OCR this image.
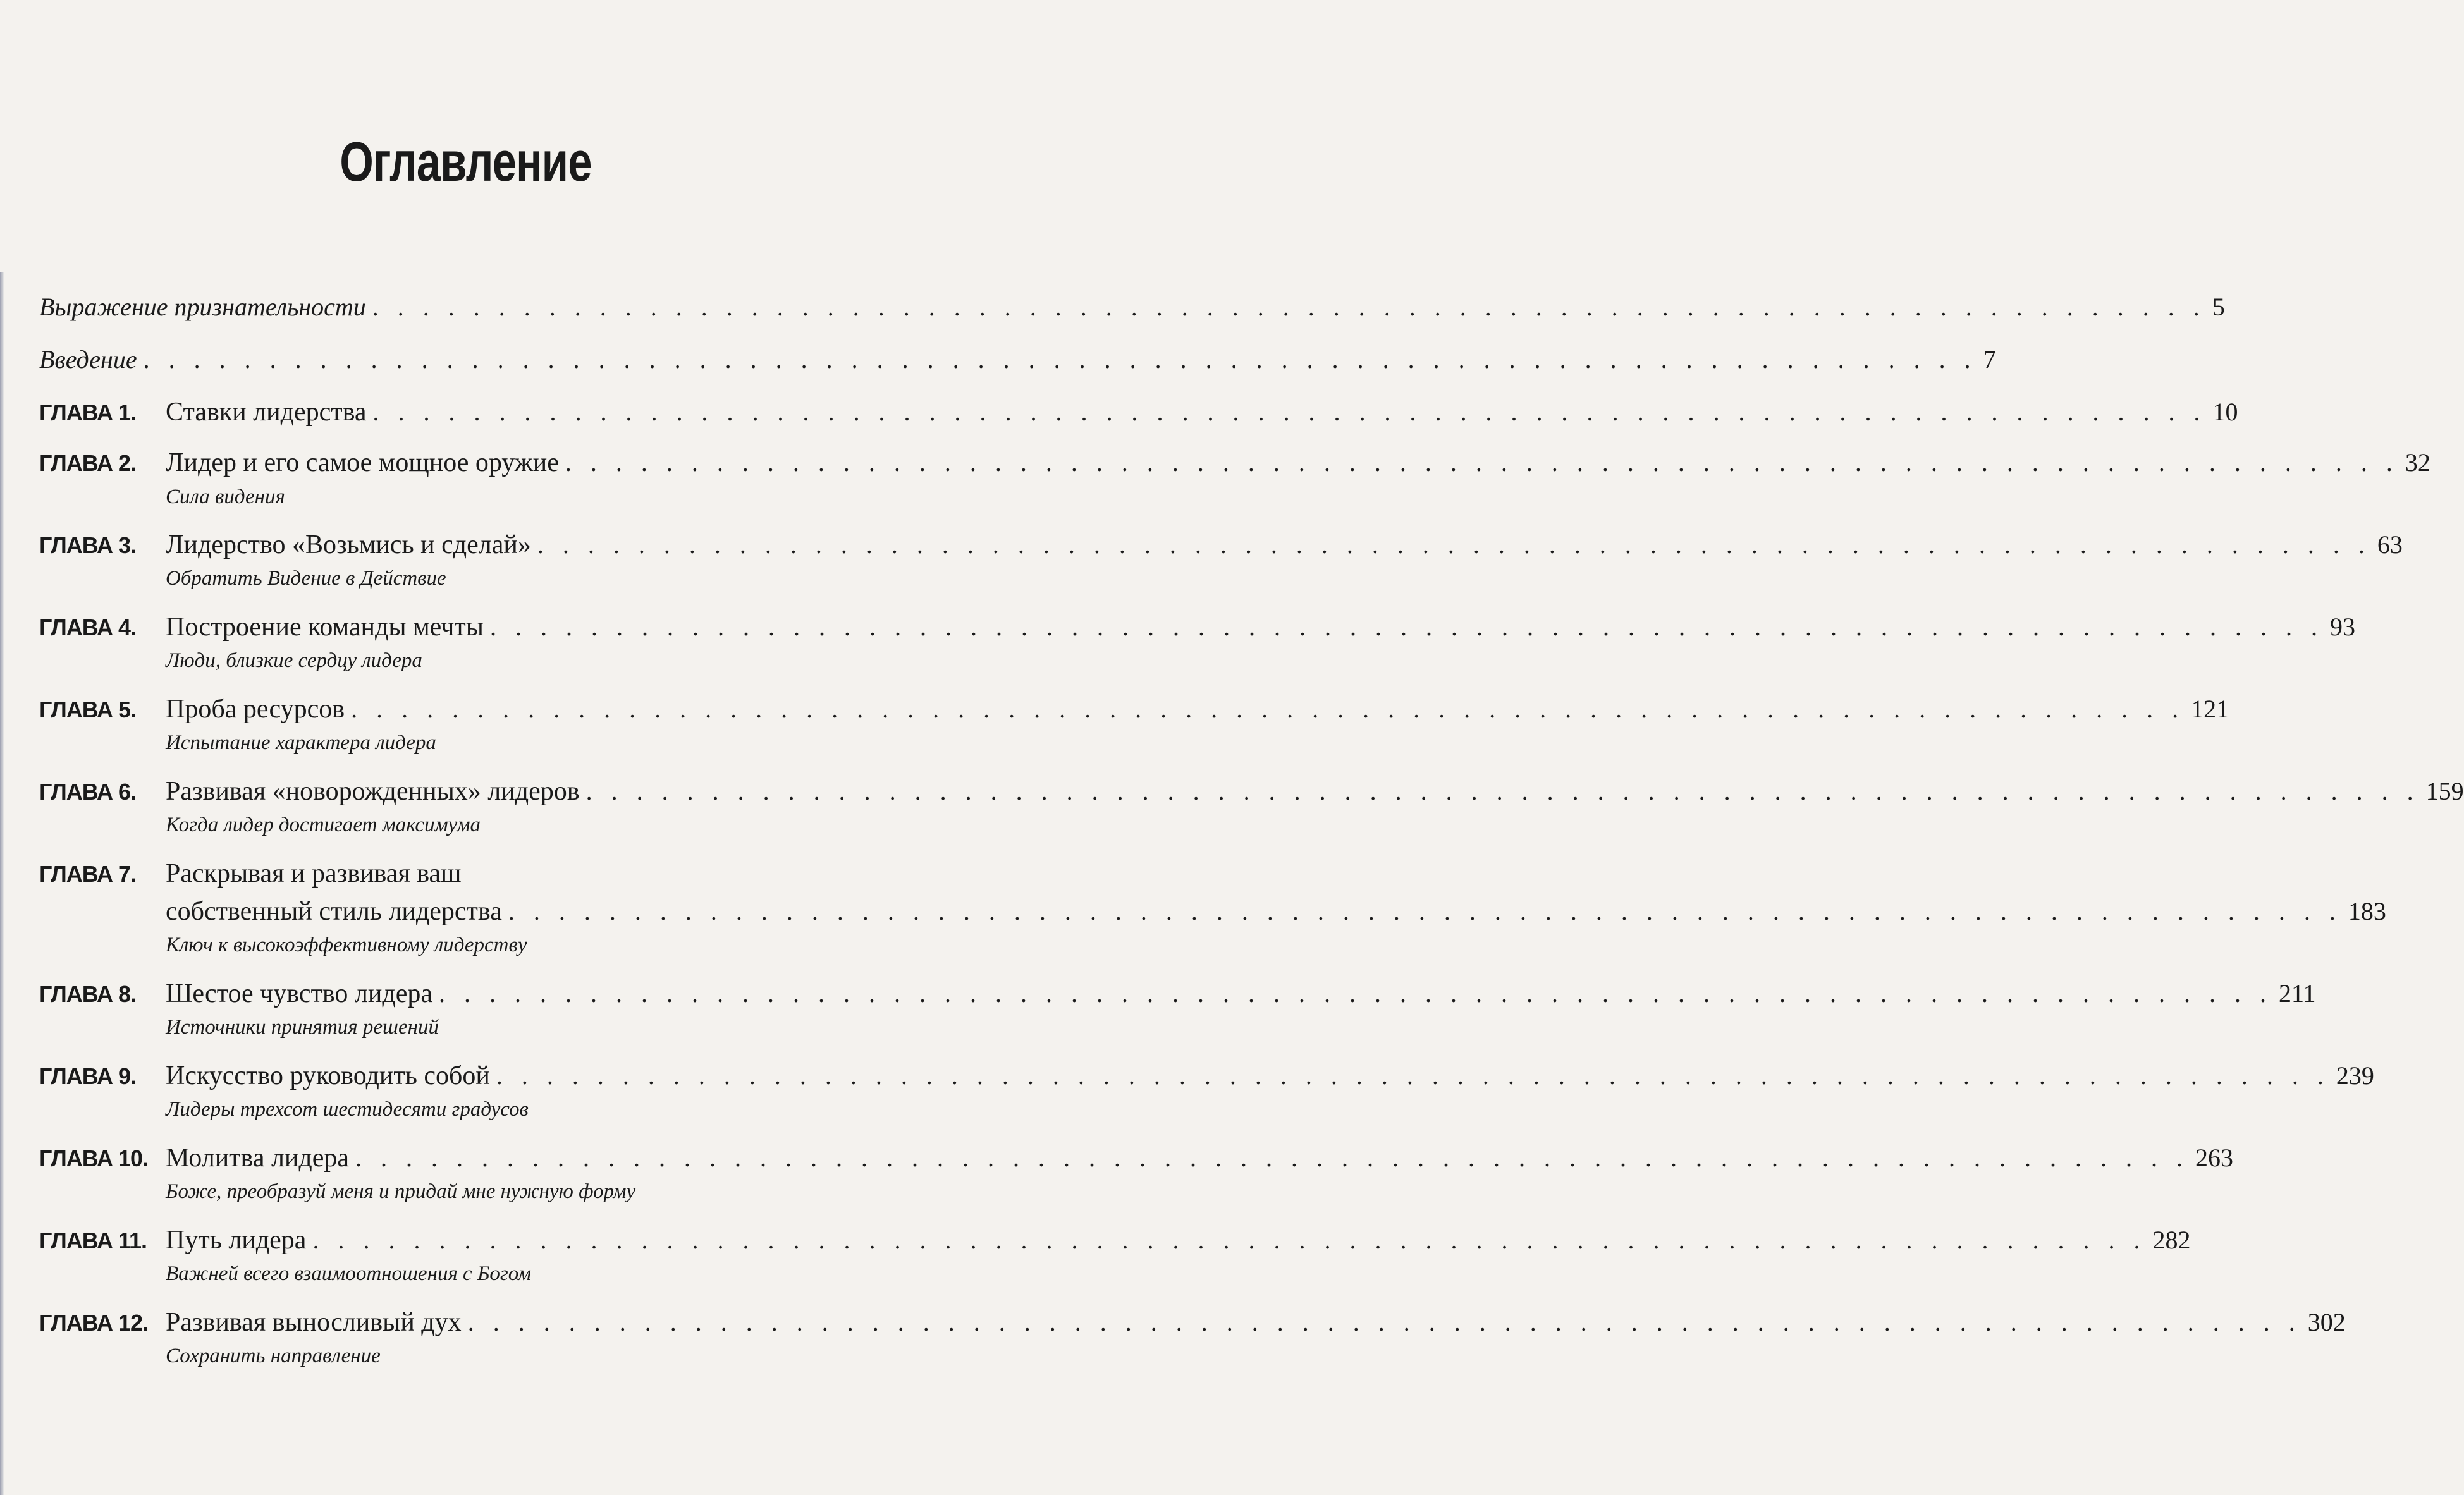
Оглавление
Выражение признательности . . . . . . . . . . . . . . . . . . . . . . . . . . . . . . . . . . . . . . . . . . . . . . . . . . . . . . . . . . . . . . . . . . . . . . . . . 5
Введение . . . . . . . . . . . . . . . . . . . . . . . . . . . . . . . . . . . . . . . . . . . . . . . . . . . . . . . . . . . . . . . . . . . . . . . . . 7
ГЛАВА 1.	Ставки лидерства . . . . . . . . . . . . . . . . . . . . . . . . . . . . . . . . . . . . . . . . . . . . . . . . . . . . . . . . . . . . . . . . . . . . . . . . . 10
ГЛАВА 2.	Лидер и его самое мощное оружие . . . . . . . . . . . . . . . . . . . . . . . . . . . . . . . . . . . . . . . . . . . . . . . . . . . . . . . . . . . . . . . . . . . . . . . . . 32
Сила видения
ГЛАВА 3.	Лидерство «Возьмись и сделай» . . . . . . . . . . . . . . . . . . . . . . . . . . . . . . . . . . . . . . . . . . . . . . . . . . . . . . . . . . . . . . . . . . . . . . . . . 63
Обратить Видение в Действие
ГЛАВА 4.	Построение команды мечты . . . . . . . . . . . . . . . . . . . . . . . . . . . . . . . . . . . . . . . . . . . . . . . . . . . . . . . . . . . . . . . . . . . . . . . . . 93
Люди, близкие сердцу лидера
ГЛАВА 5.	Проба ресурсов . . . . . . . . . . . . . . . . . . . . . . . . . . . . . . . . . . . . . . . . . . . . . . . . . . . . . . . . . . . . . . . . . . . . . . . . . 121
Испытание характера лидера
ГЛАВА 6.	Развивая «новорожденных» лидеров . . . . . . . . . . . . . . . . . . . . . . . . . . . . . . . . . . . . . . . . . . . . . . . . . . . . . . . . . . . . . . . . . . . . . . . . . 159
Когда лидер достигает максимума
ГЛАВА 7.	Раскрывая и развивая ваш
собственный стиль лидерства . . . . . . . . . . . . . . . . . . . . . . . . . . . . . . . . . . . . . . . . . . . . . . . . . . . . . . . . . . . . . . . . . . . . . . . . . 183
Ключ к высокоэффективному лидерству
ГЛАВА 8.	Шестое чувство лидера . . . . . . . . . . . . . . . . . . . . . . . . . . . . . . . . . . . . . . . . . . . . . . . . . . . . . . . . . . . . . . . . . . . . . . . . . 211
Источники принятия решений
ГЛАВА 9.	Искусство руководить собой . . . . . . . . . . . . . . . . . . . . . . . . . . . . . . . . . . . . . . . . . . . . . . . . . . . . . . . . . . . . . . . . . . . . . . . . . 239
Лидеры трехсот шестидесяти градусов
ГЛАВА 10. Молитва лидера . . . . . . . . . . . . . . . . . . . . . . . . . . . . . . . . . . . . . . . . . . . . . . . . . . . . . . . . . . . . . . . . . . . . . . . . . 263
Боже, преобразуй меня и придай мне нужную форму
ГЛАВА 11. Путь лидера . . . . . . . . . . . . . . . . . . . . . . . . . . . . . . . . . . . . . . . . . . . . . . . . . . . . . . . . . . . . . . . . . . . . . . . . . 282
Важней всего взаимоотношения с Богом
ГЛАВА 12. Развивая выносливый дух . . . . . . . . . . . . . . . . . . . . . . . . . . . . . . . . . . . . . . . . . . . . . . . . . . . . . . . . . . . . . . . . . . . . . . . . . 302
Сохранить направление
